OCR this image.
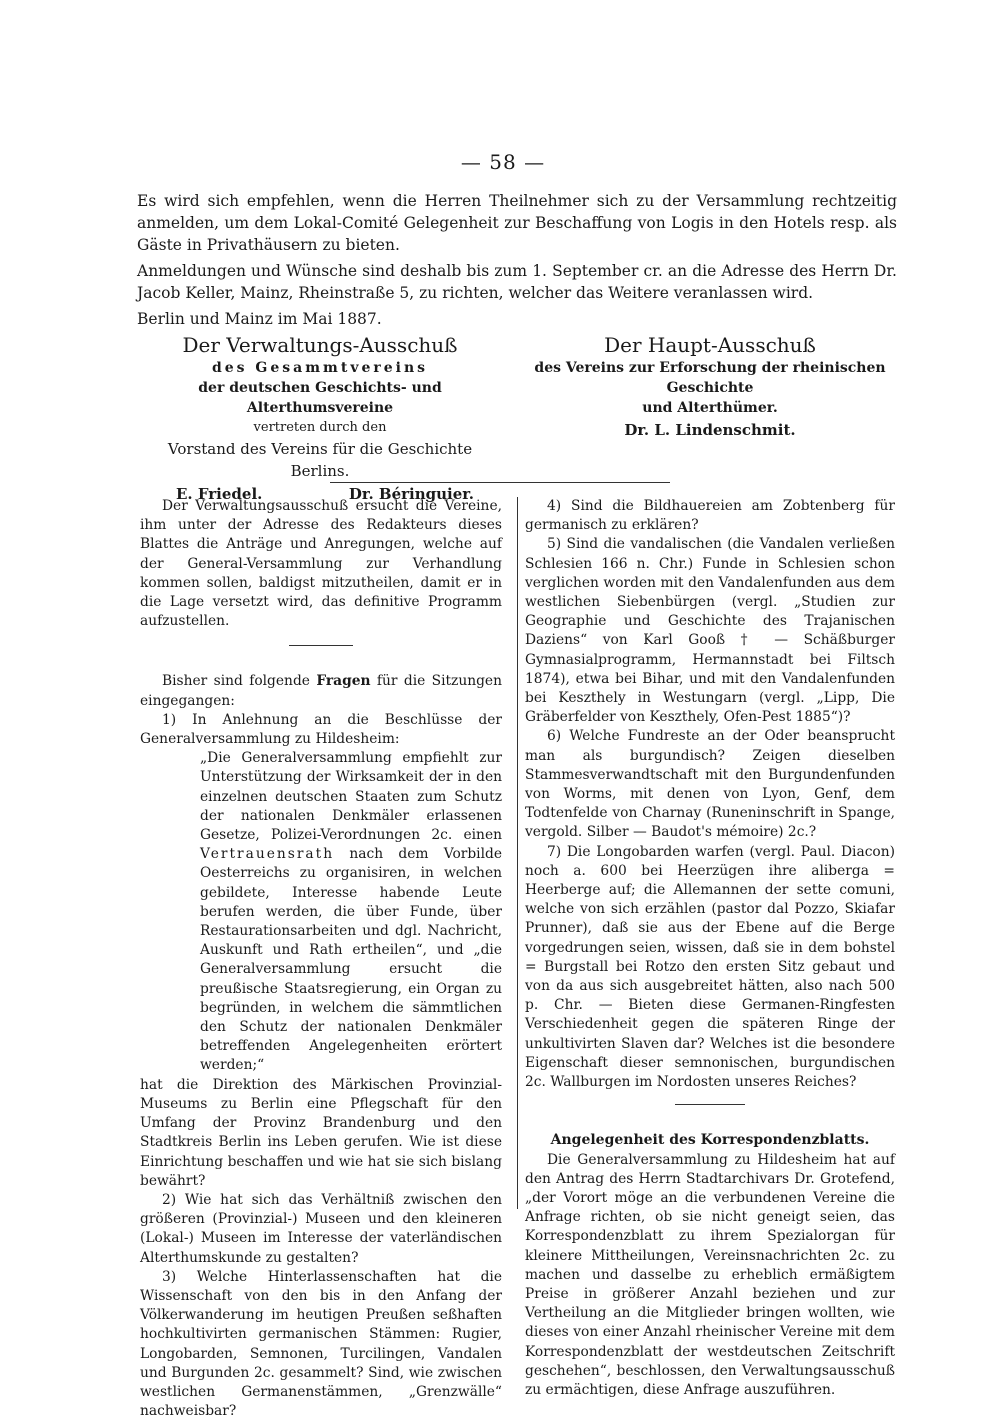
— 58 —

Es wird sich empfehlen, wenn die Herren Theilnehmer sich zu der Versammlung rechtzeitig anmelden, um dem Lokal-Comité Gelegenheit zur Beschaffung von Logis in den Hotels resp. als Gäste in Privathäusern zu bieten.

Anmeldungen und Wünsche sind deshalb bis zum 1. September cr. an die Adresse des Herrn Dr. Jacob Keller, Mainz, Rheinstraße 5, zu richten, welcher das Weitere veranlassen wird.

Berlin und Mainz im Mai 1887.

Der Verwaltungs-Ausschuß

des Gesammtvereins

der deutschen Geschichts- und Alterthumsvereine

vertreten durch den

Vorstand des Vereins für die Geschichte Berlins.

E. Friedel.	Dr. Béringuier.

Der Haupt-Ausschuß

des Vereins zur Erforschung der rheinischen Geschichte

und Alterthümer.

Dr. L. Lindenschmit.

Der Verwaltungsausschuß ersucht die Vereine, ihm unter der Adresse des Redakteurs dieses Blattes die Anträge und Anregungen, welche auf der General-Versammlung zur Verhandlung kommen sollen, baldigst mitzutheilen, damit er in die Lage versetzt wird, das definitive Programm aufzustellen.

Bisher sind folgende Fragen für die Sitzungen eingegangen:

1) In Anlehnung an die Beschlüsse der Generalversammlung zu Hildesheim:

„Die Generalversammlung empfiehlt zur Unterstützung der Wirksamkeit der in den einzelnen deutschen Staaten zum Schutz der nationalen Denkmäler erlassenen Gesetze, Polizei-Verordnungen 2c. einen Vertrauensrath nach dem Vorbilde Oesterreichs zu organisiren, in welchen gebildete, Interesse habende Leute berufen werden, die über Funde, über Restaurationsarbeiten und dgl. Nachricht, Auskunft und Rath ertheilen“, und „die Generalversammlung ersucht die preußische Staatsregierung, ein Organ zu begründen, in welchem die sämmtlichen den Schutz der nationalen Denkmäler betreffenden Angelegenheiten erörtert werden;“

hat die Direktion des Märkischen Provinzial-Museums zu Berlin eine Pflegschaft für den Umfang der Provinz Brandenburg und den Stadtkreis Berlin ins Leben gerufen. Wie ist diese Einrichtung beschaffen und wie hat sie sich bislang bewährt?

2) Wie hat sich das Verhältniß zwischen den größeren (Provinzial-) Museen und den kleineren (Lokal-) Museen im Interesse der vaterländischen Alterthumskunde zu gestalten?

3) Welche Hinterlassenschaften hat die Wissenschaft von den bis in den Anfang der Völkerwanderung im heutigen Preußen seßhaften hochkultivirten germanischen Stämmen: Rugier, Longobarden, Semnonen, Turcilingen, Vandalen und Burgunden 2c. gesammelt? Sind, wie zwischen westlichen Germanenstämmen, „Grenzwälle“ nachweisbar?

4) Sind die Bildhauereien am Zobtenberg für germanisch zu erklären?

5) Sind die vandalischen (die Vandalen verließen Schlesien 166 n. Chr.) Funde in Schlesien schon verglichen worden mit den Vandalenfunden aus dem westlichen Siebenbürgen (vergl. „Studien zur Geographie und Geschichte des Trajanischen Daziens“ von Karl Gooß † — Schäßburger Gymnasialprogramm, Hermannstadt bei Filtsch 1874), etwa bei Bihar, und mit den Vandalenfunden bei Keszthely in Westungarn (vergl. „Lipp, Die Gräberfelder von Keszthely, Ofen-Pest 1885“)?

6) Welche Fundreste an der Oder beansprucht man als burgundisch? Zeigen dieselben Stammesverwandtschaft mit den Burgundenfunden von Worms, mit denen von Lyon, Genf, dem Todtenfelde von Charnay (Runeninschrift in Spange, vergold. Silber — Baudot's mémoire) 2c.?

7) Die Longobarden warfen (vergl. Paul. Diacon) noch a. 600 bei Heerzügen ihre aliberga = Heerberge auf; die Allemannen der sette comuni, welche von sich erzählen (pastor dal Pozzo, Skiafar Prunner), daß sie aus der Ebene auf die Berge vorgedrungen seien, wissen, daß sie in dem bohstel = Burgstall bei Rotzo den ersten Sitz gebaut und von da aus sich ausgebreitet hätten, also nach 500 p. Chr. — Bieten diese Germanen-Ringfesten Verschiedenheit gegen die späteren Ringe der unkultivirten Slaven dar? Welches ist die besondere Eigenschaft dieser semnonischen, burgundischen 2c. Wallburgen im Nordosten unseres Reiches?

Angelegenheit des Korrespondenzblatts.

Die Generalversammlung zu Hildesheim hat auf den Antrag des Herrn Stadtarchivars Dr. Grotefend, „der Vorort möge an die verbundenen Vereine die Anfrage richten, ob sie nicht geneigt seien, das Korrespondenzblatt zu ihrem Spezialorgan für kleinere Mittheilungen, Vereinsnachrichten 2c. zu machen und dasselbe zu erheblich ermäßigtem Preise in größerer Anzahl beziehen und zur Vertheilung an die Mitglieder bringen wollten, wie dieses von einer Anzahl rheinischer Vereine mit dem Korrespondenzblatt der westdeutschen Zeitschrift geschehen“, beschlossen, den Verwaltungsausschuß zu ermächtigen, diese Anfrage auszuführen.
